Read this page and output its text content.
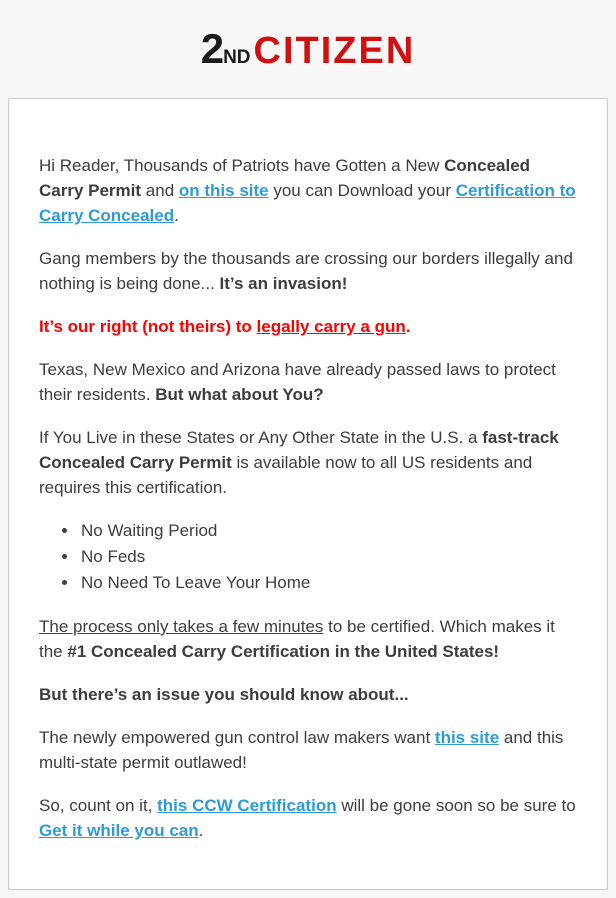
2 ND CITIZEN

Hi Reader, Thousands of Patriots have Gotten a New Concealed Carry Permit and on this site you can Download your Certification to Carry Concealed.

Gang members by the thousands are crossing our borders illegally and nothing is being done... It’s an invasion!

It’s our right (not theirs) to legally carry a gun.

Texas, New Mexico and Arizona have already passed laws to protect their residents. But what about You?

If You Live in these States or Any Other State in the U.S. a fast-track Concealed Carry Permit is available now to all US residents and requires this certification.

• No Waiting Period
• No Feds
• No Need To Leave Your Home

The process only takes a few minutes to be certified. Which makes it the #1 Concealed Carry Certification in the United States!

But there’s an issue you should know about...

The newly empowered gun control law makers want this site and this multi-state permit outlawed!

So, count on it, this CCW Certification will be gone soon so be sure to Get it while you can.
